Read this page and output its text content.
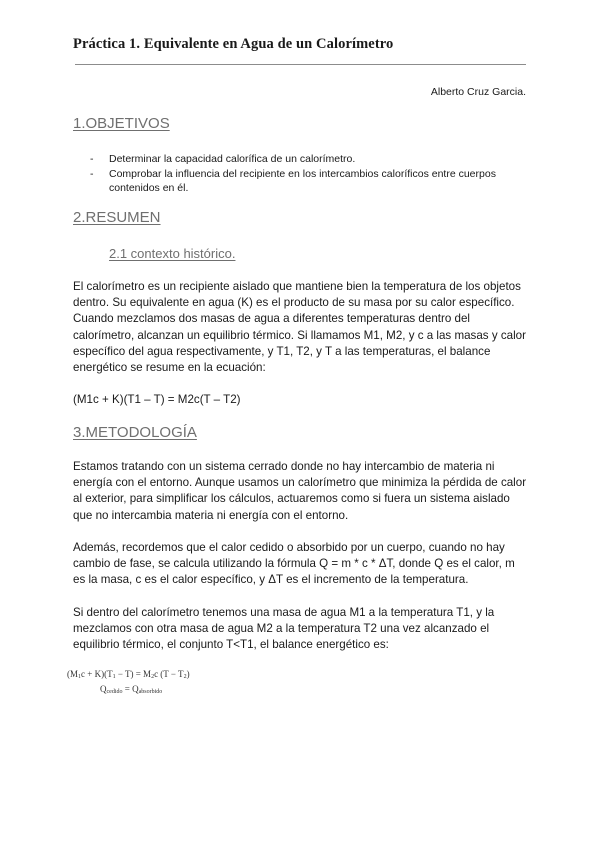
Práctica 1. Equivalente en Agua de un Calorímetro
Alberto Cruz Garcia.
1.OBJETIVOS
- Determinar la capacidad calorífica de un calorímetro.
- Comprobar la influencia del recipiente en los intercambios caloríficos entre cuerpos contenidos en él.
2.RESUMEN
2.1 contexto histórico.

El calorímetro es un recipiente aislado que mantiene bien la temperatura de los objetos dentro. Su equivalente en agua (K) es el producto de su masa por su calor específico. Cuando mezclamos dos masas de agua a diferentes temperaturas dentro del calorímetro, alcanzan un equilibrio térmico. Si llamamos M1, M2, y c a las masas y calor específico del agua respectivamente, y T1, T2, y T a las temperaturas, el balance energético se resume en la ecuación:

(M1c + K)(T1 – T) = M2c(T – T2)
3.METODOLOGÍA

Estamos tratando con un sistema cerrado donde no hay intercambio de materia ni energía con el entorno. Aunque usamos un calorímetro que minimiza la pérdida de calor al exterior, para simplificar los cálculos, actuaremos como si fuera un sistema aislado que no intercambia materia ni energía con el entorno.

Además, recordemos que el calor cedido o absorbido por un cuerpo, cuando no hay cambio de fase, se calcula utilizando la fórmula Q = m * c * ΔT, donde Q es el calor, m es la masa, c es el calor específico, y ΔT es el incremento de la temperatura.

Si dentro del calorímetro tenemos una masa de agua M1 a la temperatura T1, y la mezclamos con otra masa de agua M2 a la temperatura T2 una vez alcanzado el equilibrio térmico, el conjunto T<T1, el balance energético es:

$(M_1c + K)(T_1 - T) = M_2c$ $(T - T_2)$
$Q_{cedido} = Q_{absorbido}$
